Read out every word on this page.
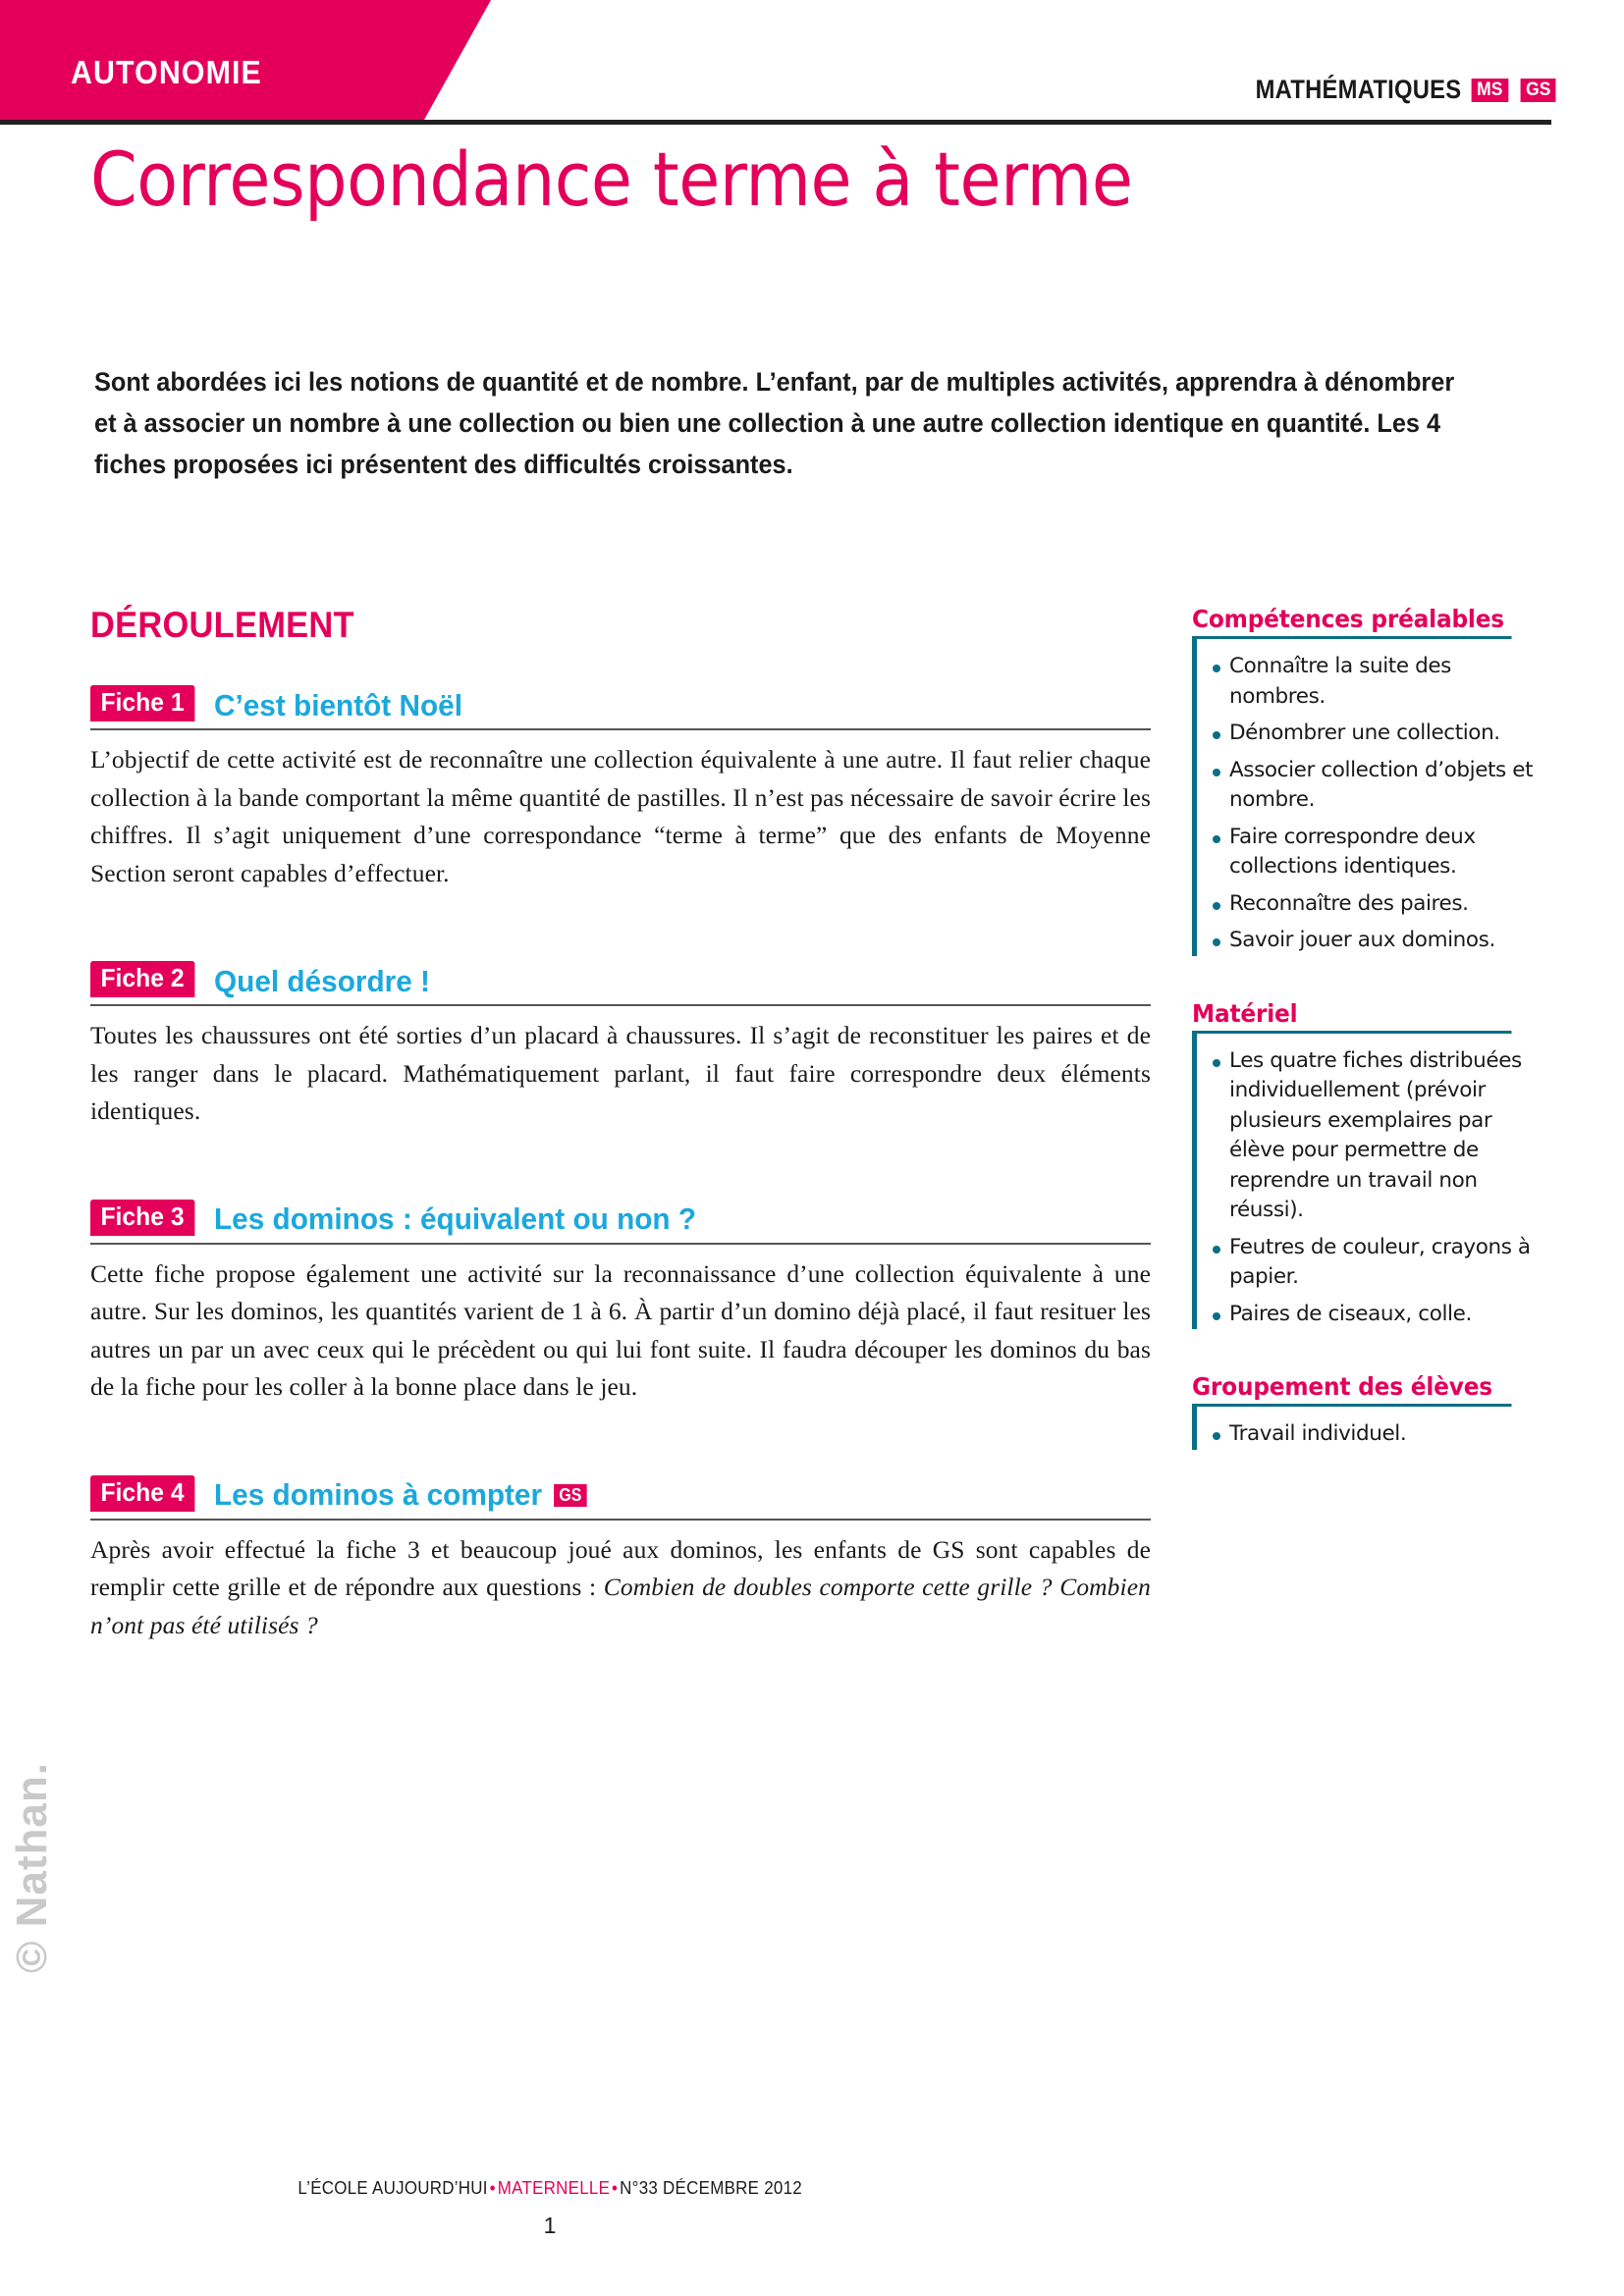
AUTONOMIE	MATHÉMATIQUES MS GS
Correspondance terme à terme

Sont abordées ici les notions de quantité et de nombre. L’enfant, par de multiples activités, apprendra à dénombrer et à associer un nombre à une collection ou bien une collection à une autre collection identique en quantité. Les 4 fiches proposées ici présentent des difficultés croissantes.

DÉROULEMENT
Fiche 1 C’est bientôt Noël

L’objectif de cette activité est de reconnaître une collection équivalente à une autre. Il faut relier chaque collection à la bande comportant la même quantité de pastilles. Il n’est pas nécessaire de savoir écrire les chiffres. Il s’agit uniquement d’une correspondance “terme à terme” que des enfants de Moyenne Section seront capables d’effectuer.

Fiche 2 Quel désordre !

Toutes les chaussures ont été sorties d’un placard à chaussures. Il s’agit de reconstituer les paires et de les ranger dans le placard. Mathématiquement parlant, il faut faire correspondre deux éléments identiques.

Fiche 3 Les dominos : équivalent ou non ?

Cette fiche propose également une activité sur la reconnaissance d’une collection équivalente à une autre. Sur les dominos, les quantités varient de 1 à 6. À partir d’un domino déjà placé, il faut resituer les autres un par un avec ceux qui le précèdent ou qui lui font suite. Il faudra découper les dominos du bas de la fiche pour les coller à la bonne place dans le jeu.

Fiche 4 Les dominos à compter GS

Après avoir effectué la fiche 3 et beaucoup joué aux dominos, les enfants de GS sont capables de remplir cette grille et de répondre aux questions : Combien de doubles comporte cette grille ? Combien n’ont pas été utilisés ?

Compétences préalables
Connaître la suite des nombres.
Dénombrer une collection.
Associer collection d’objets et nombre.
Faire correspondre deux collections identiques.
Reconnaître des paires.
Savoir jouer aux dominos.
Matériel
Les quatre fiches distribuées individuellement (prévoir plusieurs exemplaires par élève pour permettre de reprendre un travail non réussi).
Feutres de couleur, crayons à papier.
Paires de ciseaux, colle.
Groupement des élèves
Travail individuel.
© Nathan.
L’ÉCOLE AUJOURD’HUI • MATERNELLE • N°33 DÉCEMBRE 2012
1
